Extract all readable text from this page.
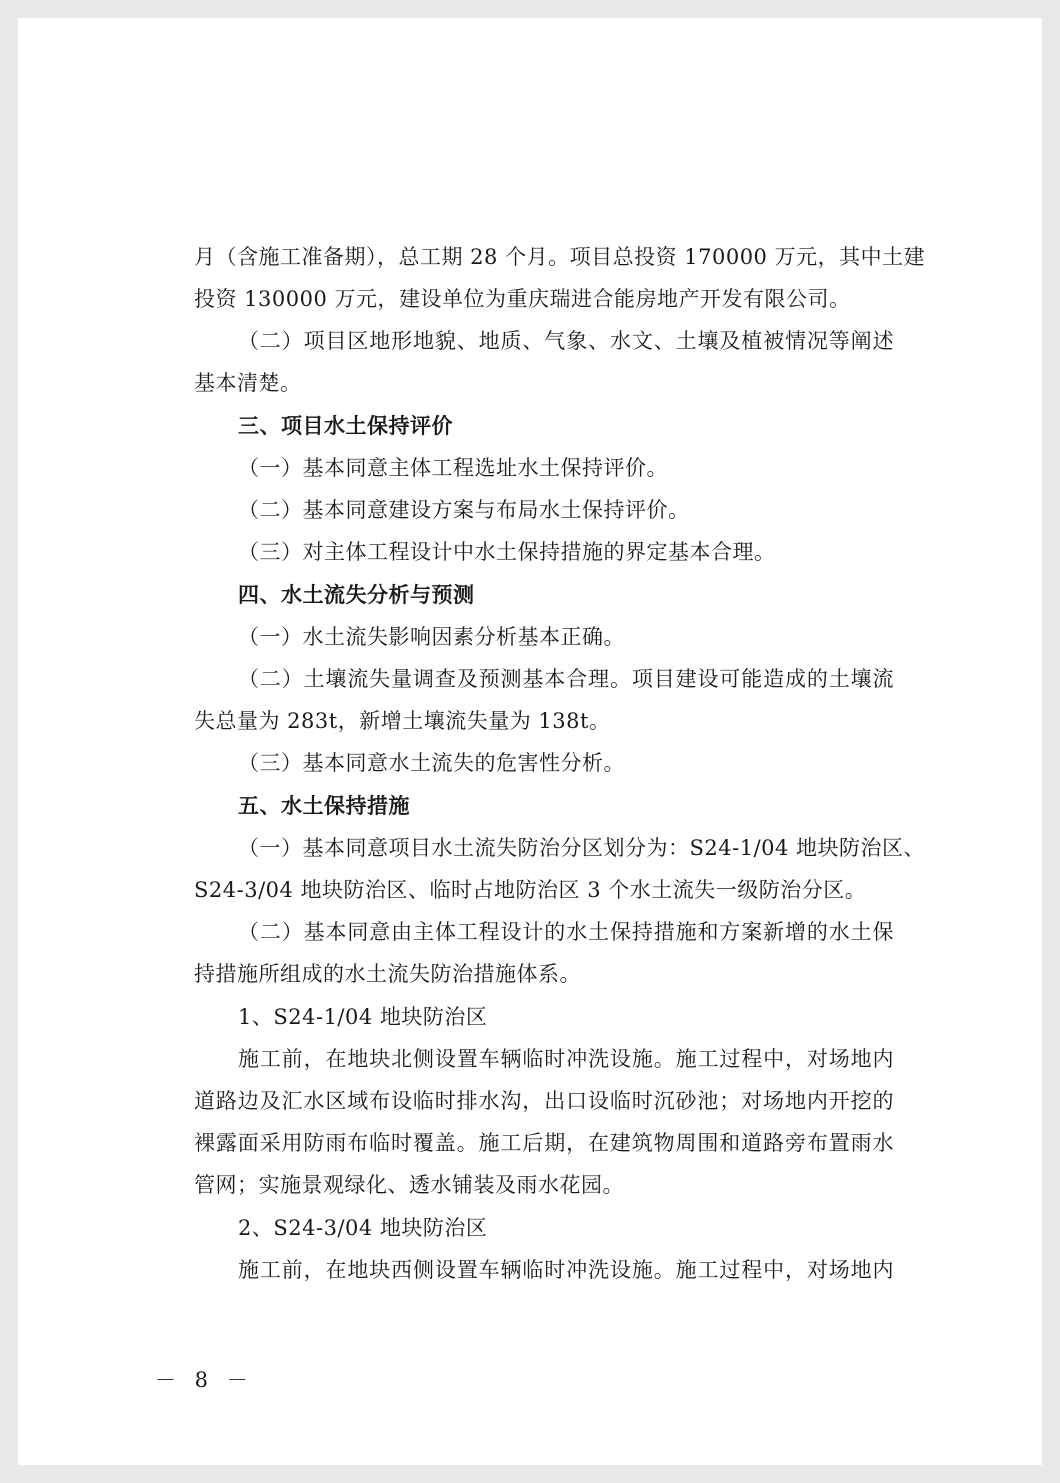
月（含施工准备期），总工期 28 个月。项目总投资 170000 万元，其中土建
投资 130000 万元，建设单位为重庆瑞进合能房地产开发有限公司。
（二）项目区地形地貌、地质、气象、水文、土壤及植被情况等阐述
基本清楚。
三、项目水土保持评价
（一）基本同意主体工程选址水土保持评价。
（二）基本同意建设方案与布局水土保持评价。
（三）对主体工程设计中水土保持措施的界定基本合理。
四、水土流失分析与预测
（一）水土流失影响因素分析基本正确。
（二）土壤流失量调查及预测基本合理。项目建设可能造成的土壤流
失总量为 283t，新增土壤流失量为 138t。
（三）基本同意水土流失的危害性分析。
五、水土保持措施
（一）基本同意项目水土流失防治分区划分为：S24-1/04 地块防治区、
S24-3/04 地块防治区、临时占地防治区 3 个水土流失一级防治分区。
（二）基本同意由主体工程设计的水土保持措施和方案新增的水土保
持措施所组成的水土流失防治措施体系。
1、S24-1/04 地块防治区
施工前，在地块北侧设置车辆临时冲洗设施。施工过程中，对场地内
道路边及汇水区域布设临时排水沟，出口设临时沉砂池；对场地内开挖的
裸露面采用防雨布临时覆盖。施工后期，在建筑物周围和道路旁布置雨水
管网；实施景观绿化、透水铺装及雨水花园。
2、S24-3/04 地块防治区
施工前，在地块西侧设置车辆临时冲洗设施。施工过程中，对场地内
－ 8 －
